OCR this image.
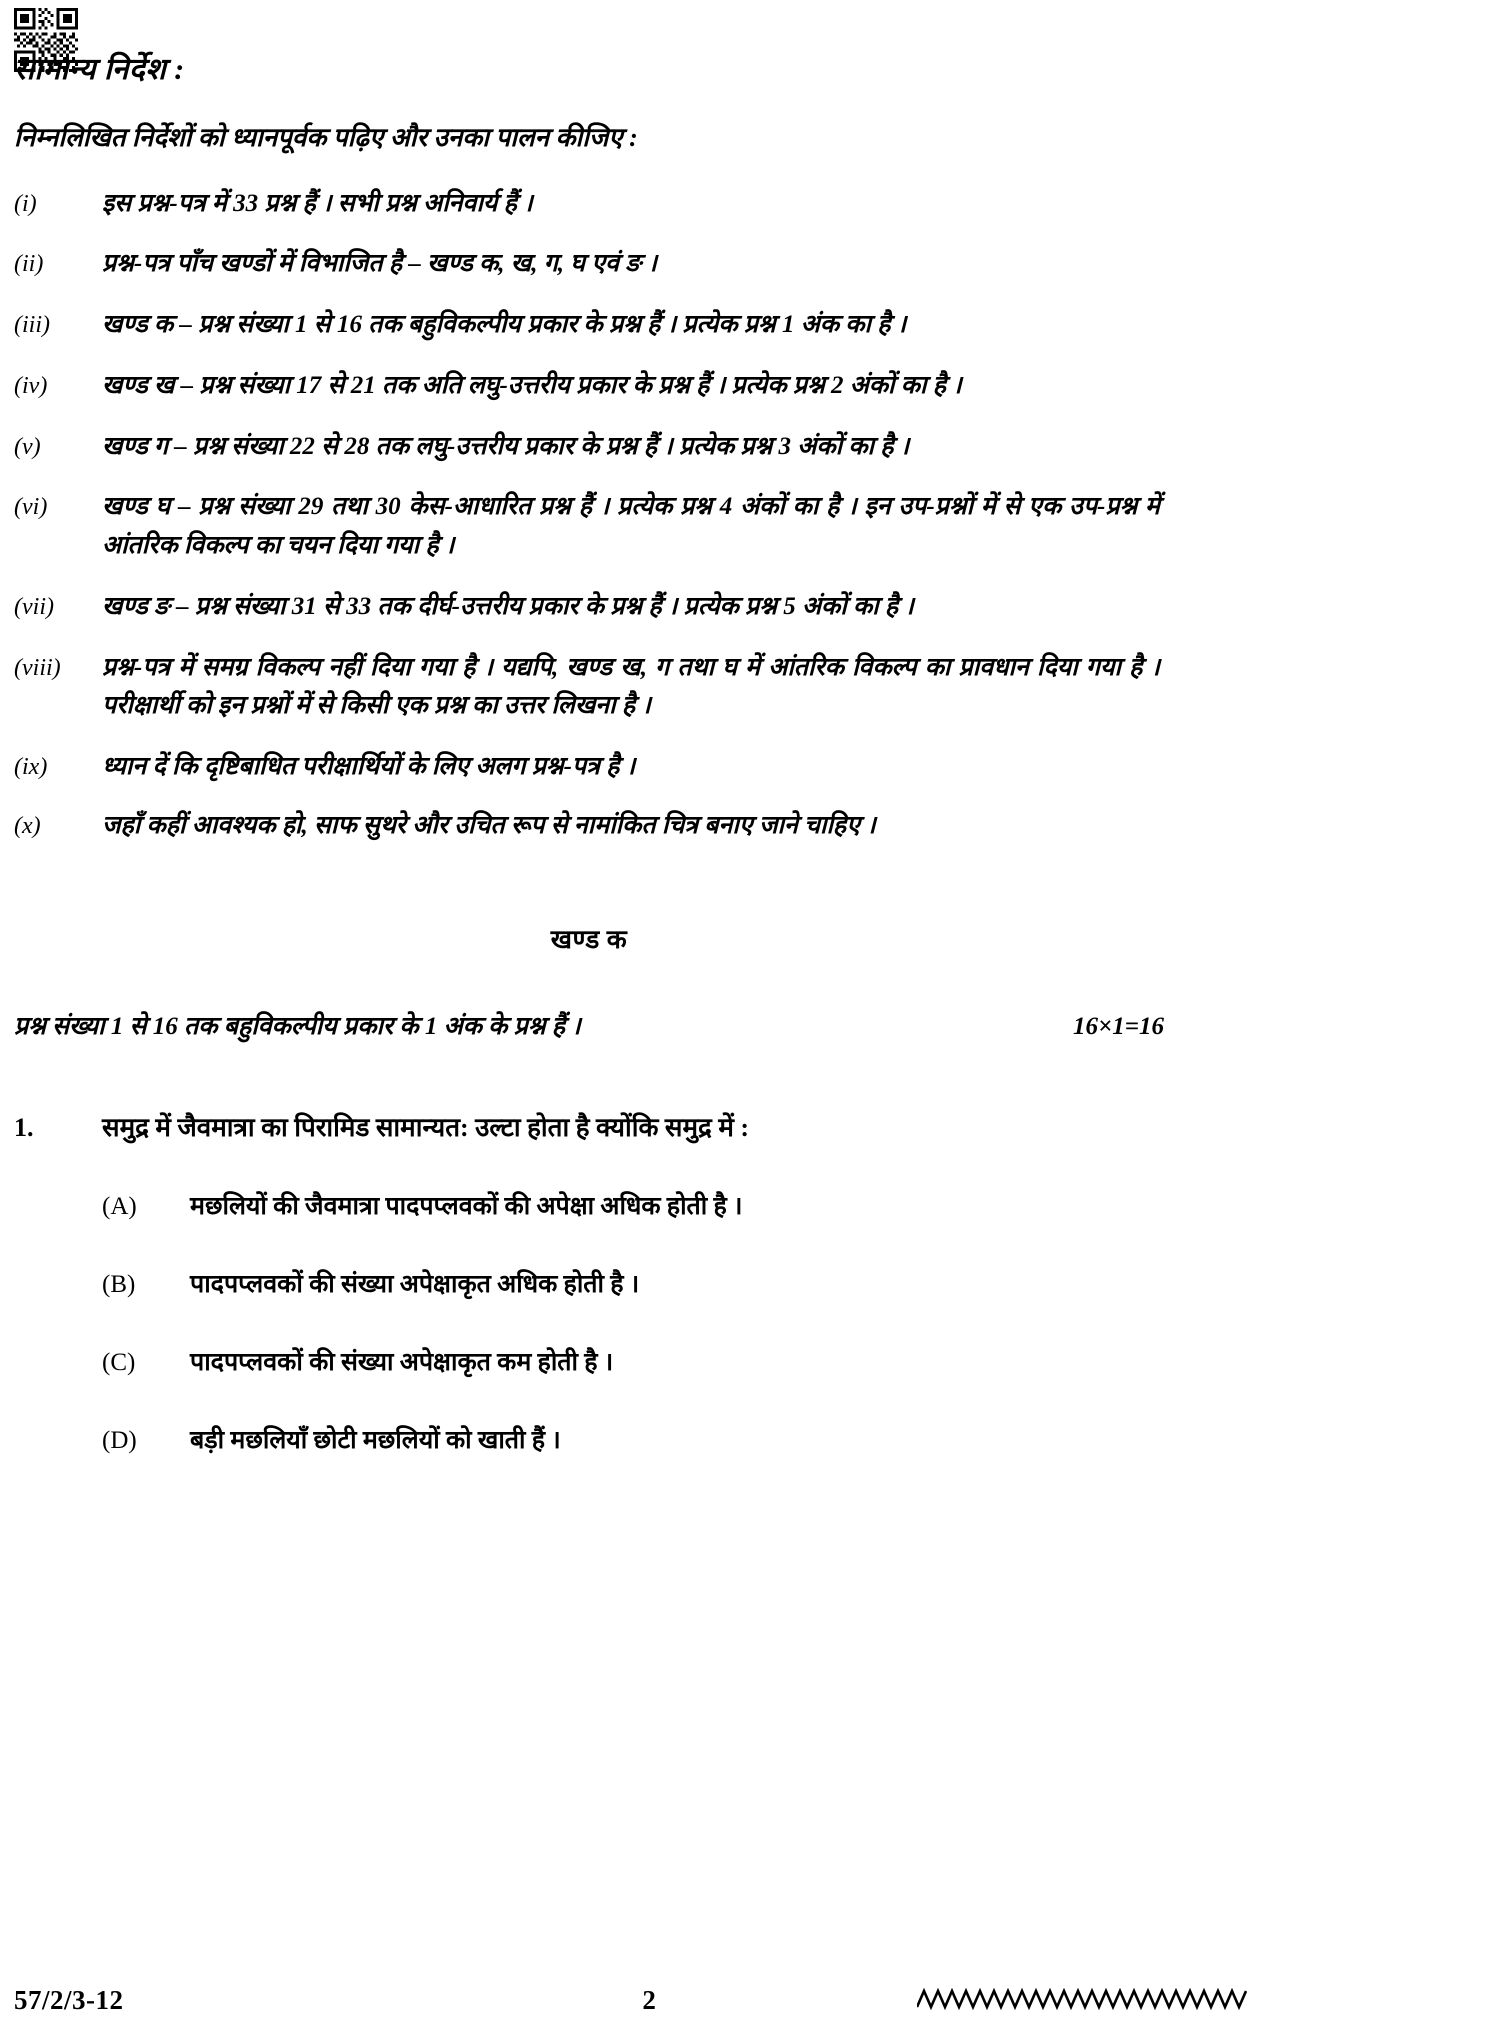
सामान्य निर्देश :
निम्नलिखित निर्देशों को ध्यानपूर्वक पढ़िए और उनका पालन कीजिए :
(i)	इस प्रश्न-पत्र में 33 प्रश्न हैं । सभी प्रश्न अनिवार्य हैं ।
(ii)	प्रश्न-पत्र पाँच खण्डों में विभाजित है – खण्ड क, ख, ग, घ एवं ङ ।
(iii)	खण्ड क – प्रश्न संख्या 1 से 16 तक बहुविकल्पीय प्रकार के प्रश्न हैं । प्रत्येक प्रश्न 1 अंक का है ।
(iv)	खण्ड ख – प्रश्न संख्या 17 से 21 तक अति लघु-उत्तरीय प्रकार के प्रश्न हैं । प्रत्येक प्रश्न 2 अंकों का है ।
(v)	खण्ड ग – प्रश्न संख्या 22 से 28 तक लघु-उत्तरीय प्रकार के प्रश्न हैं । प्रत्येक प्रश्न 3 अंकों का है ।
(vi)	खण्ड घ – प्रश्न संख्या 29 तथा 30 केस-आधारित प्रश्न हैं । प्रत्येक प्रश्न 4 अंकों का है । इन उप-प्रश्नों में से एक उप-प्रश्न में आंतरिक विकल्प का चयन दिया गया है ।
(vii)	खण्ड ङ – प्रश्न संख्या 31 से 33 तक दीर्घ-उत्तरीय प्रकार के प्रश्न हैं । प्रत्येक प्रश्न 5 अंकों का है ।
(viii)	प्रश्न-पत्र में समग्र विकल्प नहीं दिया गया है । यद्यपि, खण्ड ख, ग तथा घ में आंतरिक विकल्प का प्रावधान दिया गया है । परीक्षार्थी को इन प्रश्नों में से किसी एक प्रश्न का उत्तर लिखना है ।
(ix)	ध्यान दें कि दृष्टिबाधित परीक्षार्थियों के लिए अलग प्रश्न-पत्र है ।
(x)	जहाँ कहीं आवश्यक हो, साफ सुथरे और उचित रूप से नामांकित चित्र बनाए जाने चाहिए ।
खण्ड क
प्रश्न संख्या 1 से 16 तक बहुविकल्पीय प्रकार के 1 अंक के प्रश्न हैं ।	16×1=16
1.	समुद्र में जैवमात्रा का पिरामिड सामान्यत: उल्टा होता है क्योंकि समुद्र में :
(A)	मछलियों की जैवमात्रा पादपप्लवकों की अपेक्षा अधिक होती है ।
(B)	पादपप्लवकों की संख्या अपेक्षाकृत अधिक होती है ।
(C)	पादपप्लवकों की संख्या अपेक्षाकृत कम होती है ।
(D)	बड़ी मछलियाँ छोटी मछलियों को खाती हैं ।
57/2/3-12	2
